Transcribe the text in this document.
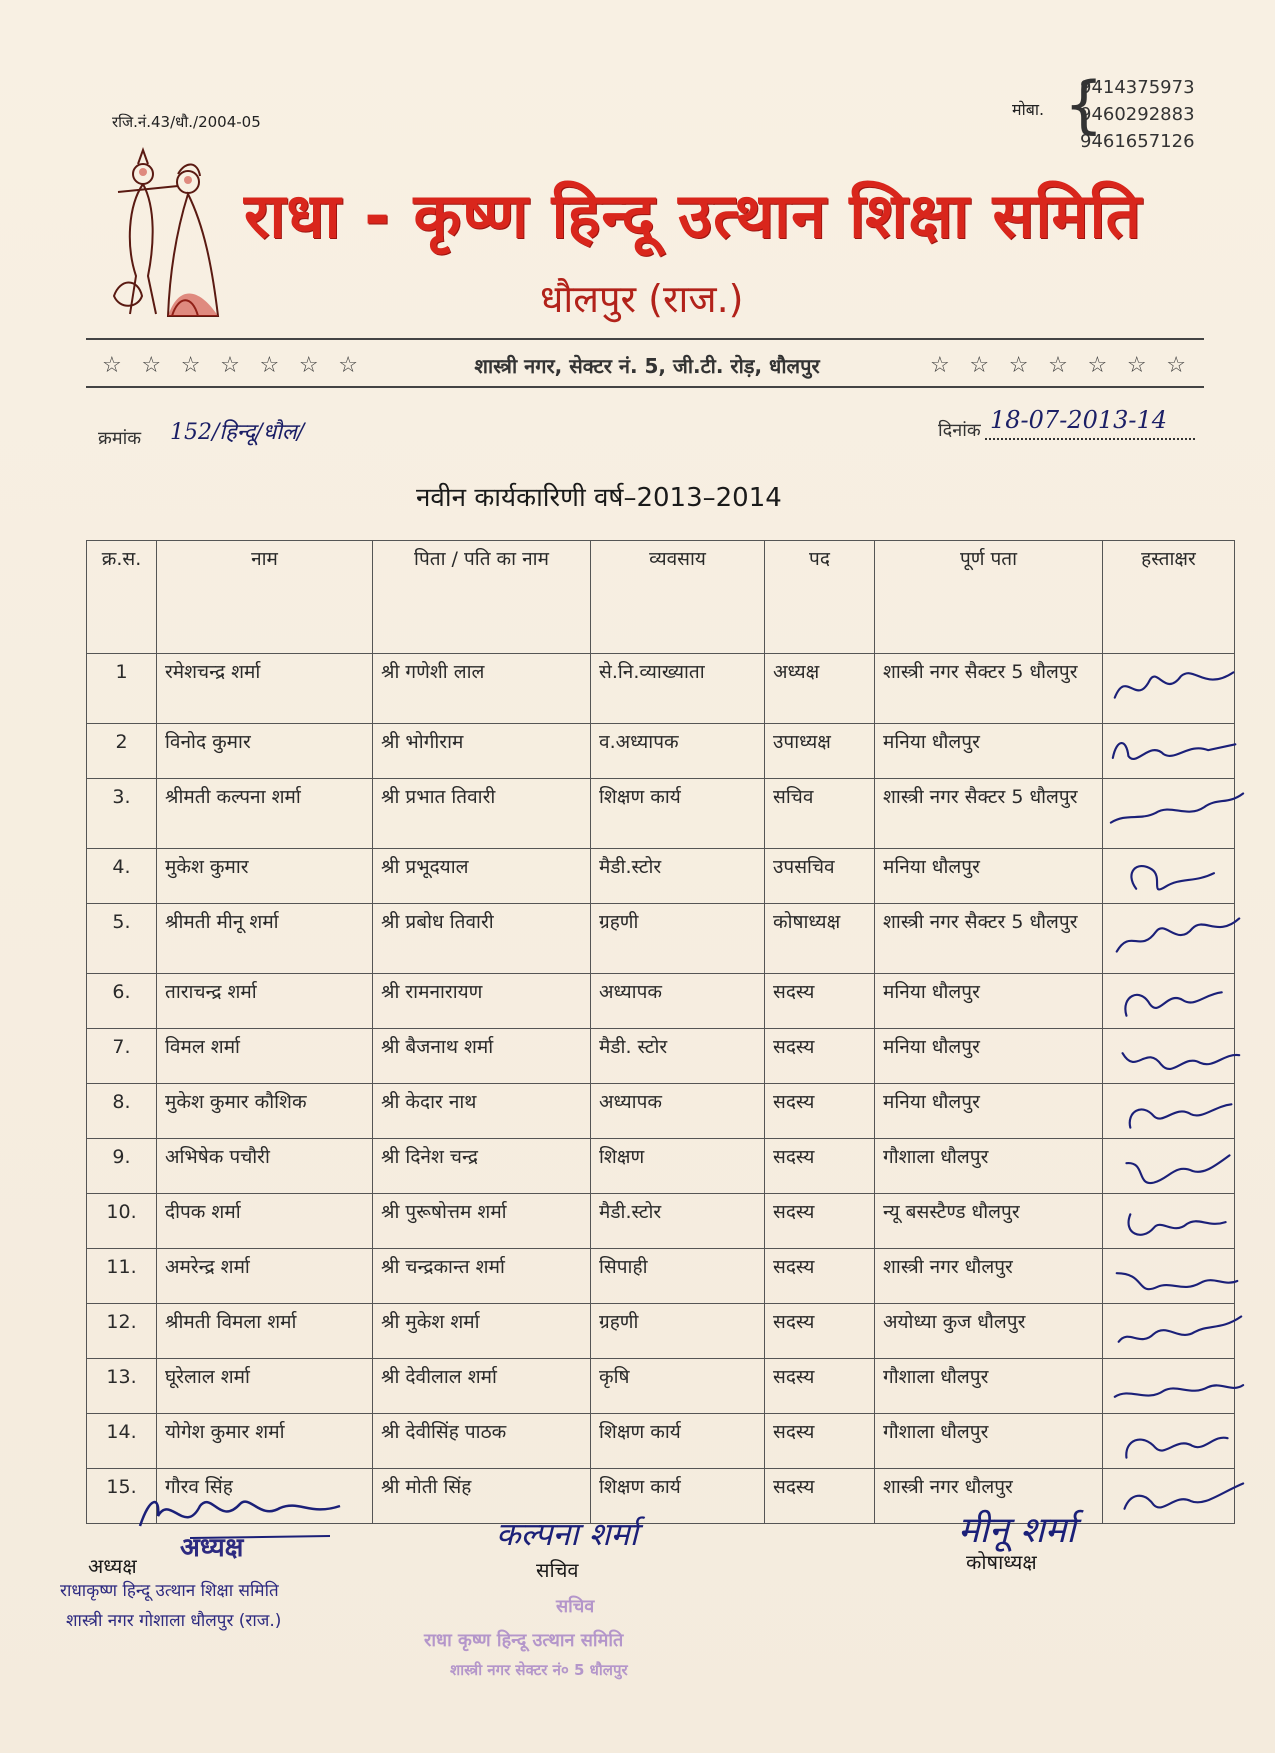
रजि.नं.43/धौ./2004-05
मोबा. {
9414375973
9460292883
9461657126
राधा - कृष्ण हिन्दू उत्थान शिक्षा समिति
धौलपुर (राज.)
☆ ☆ ☆ ☆ ☆ ☆ ☆	शास्त्री नगर, सेक्टर नं. 5, जी.टी. रोड़, धौलपुर	☆ ☆ ☆ ☆ ☆ ☆ ☆
क्रमांक 152/हिन्दू/धौल/	दिनांक 18-07-2013-14
नवीन कार्यकारिणी वर्ष–2013–2014
क्र.स.	नाम	पिता / पति का नाम	व्यवसाय	पद	पूर्ण पता	हस्ताक्षर
1	रमेशचन्द्र शर्मा	श्री गणेशी लाल	से.नि.व्याख्याता	अध्यक्ष	शास्त्री नगर सैक्टर 5 धौलपुर	

2	विनोद कुमार	श्री भोगीराम	व.अध्यापक	उपाध्यक्ष	मनिया धौलपुर	

3.	श्रीमती कल्पना शर्मा	श्री प्रभात तिवारी	शिक्षण कार्य	सचिव	शास्त्री नगर सैक्टर 5 धौलपुर	

4.	मुकेश कुमार	श्री प्रभूदयाल	मैडी.स्टोर	उपसचिव	मनिया धौलपुर	

5.	श्रीमती मीनू शर्मा	श्री प्रबोध तिवारी	ग्रहणी	कोषाध्यक्ष	शास्त्री नगर सैक्टर 5 धौलपुर	

6.	ताराचन्द्र शर्मा	श्री रामनारायण	अध्यापक	सदस्य	मनिया धौलपुर	

7.	विमल शर्मा	श्री बैजनाथ शर्मा	मैडी. स्टोर	सदस्य	मनिया धौलपुर	

8.	मुकेश कुमार कौशिक	श्री केदार नाथ	अध्यापक	सदस्य	मनिया धौलपुर	

9.	अभिषेक पचौरी	श्री दिनेश चन्द्र	शिक्षण	सदस्य	गौशाला धौलपुर	

10.	दीपक शर्मा	श्री पुरूषोत्तम शर्मा	मैडी.स्टोर	सदस्य	न्यू बसस्टैण्ड धौलपुर	

11.	अमरेन्द्र शर्मा	श्री चन्द्रकान्त शर्मा	सिपाही	सदस्य	शास्त्री नगर धौलपुर	

12.	श्रीमती विमला शर्मा	श्री मुकेश शर्मा	ग्रहणी	सदस्य	अयोध्या कुज धौलपुर	

13.	घूरेलाल शर्मा	श्री देवीलाल शर्मा	कृषि	सदस्य	गौशाला धौलपुर	

14.	योगेश कुमार शर्मा	श्री देवीसिंह पाठक	शिक्षण कार्य	सदस्य	गौशाला धौलपुर	

15.	गौरव सिंह	श्री मोती सिंह	शिक्षण कार्य	सदस्य	शास्त्री नगर धौलपुर	
अध्यक्ष
अध्यक्ष
राधाकृष्ण हिन्दू उत्थान शिक्षा समिति
शास्त्री नगर गोशाला धौलपुर (राज.)
कल्पना शर्मा
सचिव
सचिव
राधा कृष्ण हिन्दू उत्थान समिति
शास्त्री नगर सेक्टर नं० 5 धौलपुर
मीनू शर्मा
कोषाध्यक्ष
